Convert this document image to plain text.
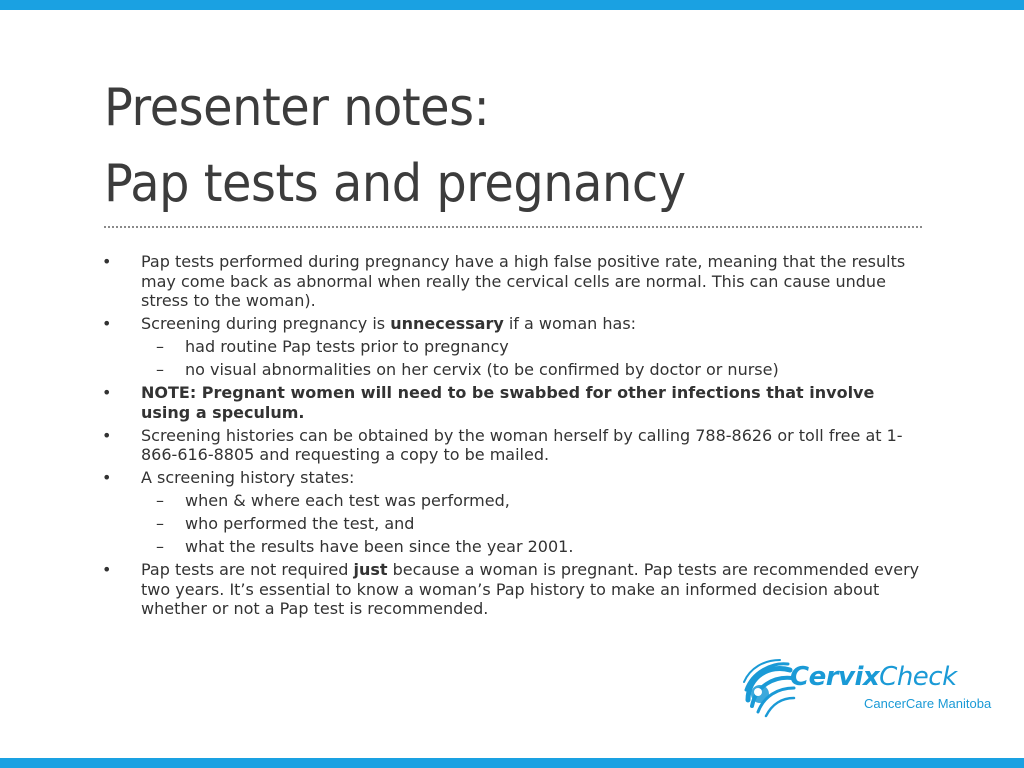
Presenter notes:
Pap tests and pregnancy
• Pap tests performed during pregnancy have a high false positive rate, meaning that the results may come back as abnormal when really the cervical cells are normal. This can cause undue stress to the woman).
• Screening during pregnancy is unnecessary if a woman has:
– had routine Pap tests prior to pregnancy
– no visual abnormalities on her cervix (to be confirmed by doctor or nurse)
• NOTE: Pregnant women will need to be swabbed for other infections that involve using a speculum.
• Screening histories can be obtained by the woman herself by calling 788-8626 or toll free at 1-866-616-8805 and requesting a copy to be mailed.
• A screening history states:
– when & where each test was performed,
– who performed the test, and
– what the results have been since the year 2001.
• Pap tests are not required just because a woman is pregnant. Pap tests are recommended every two years. It’s essential to know a woman’s Pap history to make an informed decision about whether or not a Pap test is recommended.
CervixCheck
CancerCare Manitoba
